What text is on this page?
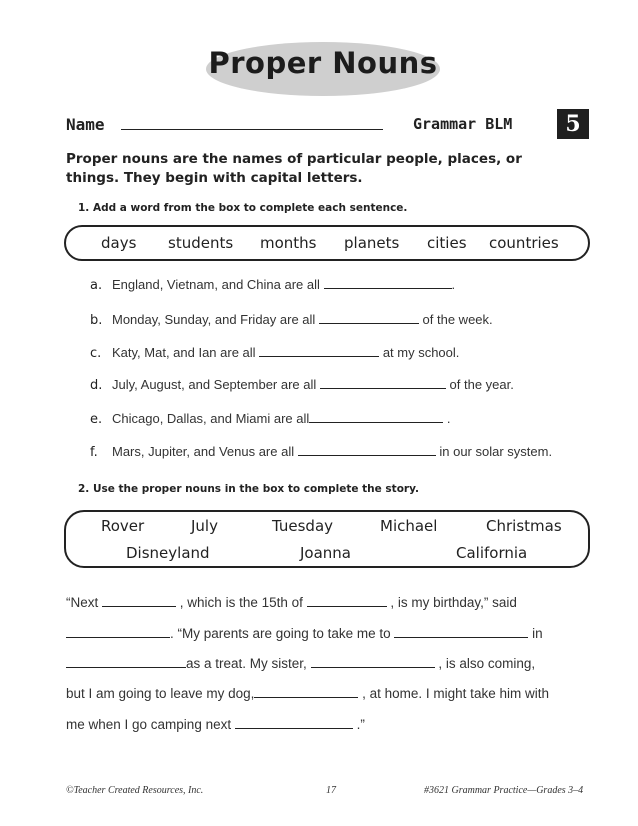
Proper Nouns
Name	Grammar BLM	5
Proper nouns are the names of particular people, places, or things. They begin with capital letters.
1. Add a word from the box to complete each sentence.
days students months planets cities countries
a. England, Vietnam, and China are all	.
b. Monday, Sunday, and Friday are all	of the week.
c. Katy, Mat, and Ian are all	at my school.
d. July, August, and September are all	of the year.
e. Chicago, Dallas, and Miami are all	.
f. Mars, Jupiter, and Venus are all	in our solar system.
2. Use the proper nouns in the box to complete the story.
Rover	July	Tuesday	Michael	Christmas
Disneyland	Joanna	California
“Next	, which is the 15th of	, is my birthday,” said
. “My parents are going to take me to	in
as a treat. My sister,	, is also coming,
but I am going to leave my dog,	, at home. I might take him with
me when I go camping next	.”
©Teacher Created Resources, Inc.	17	#3621 Grammar Practice—Grades 3–4
